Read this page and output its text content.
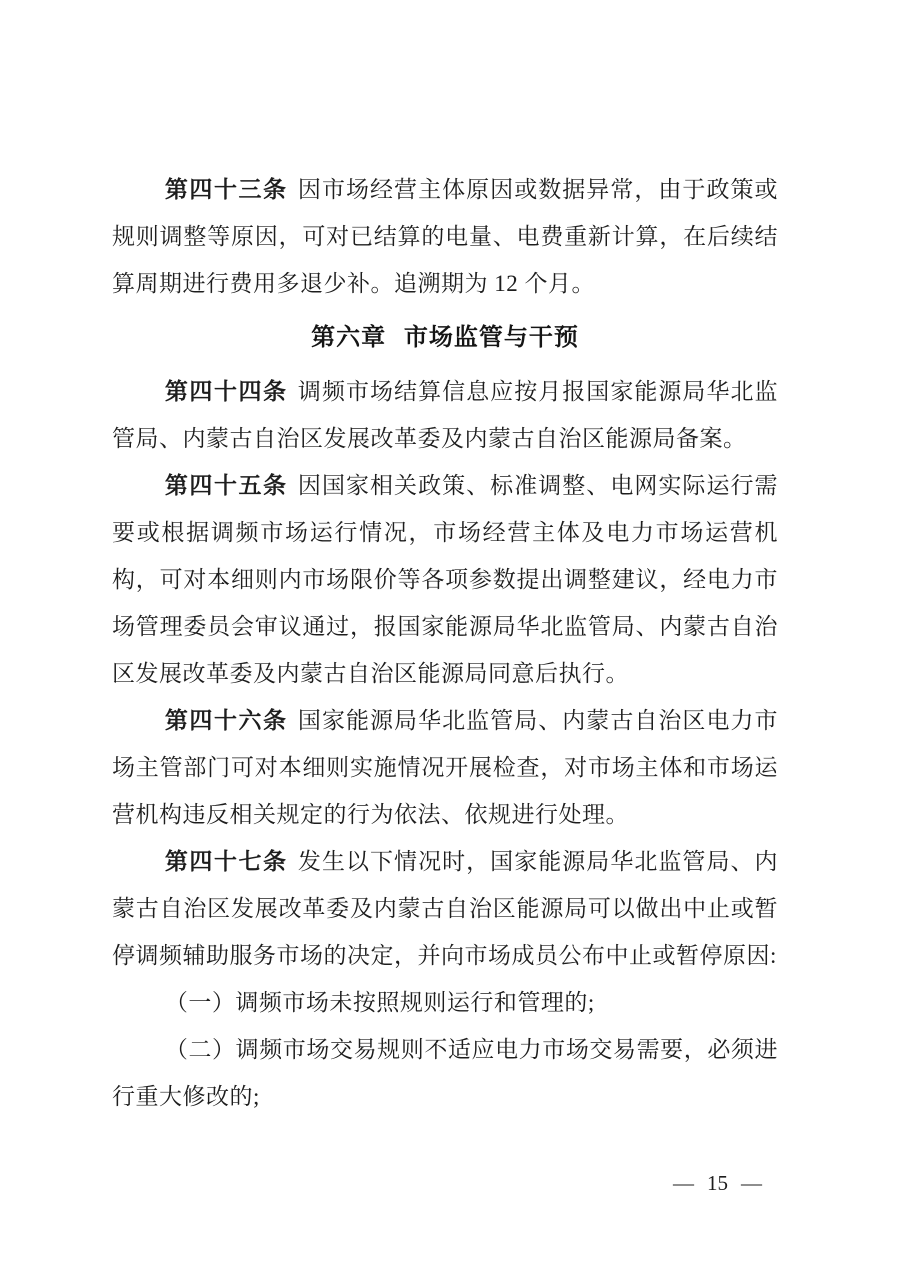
第四十三条 因市场经营主体原因或数据异常，由于政策或规则调整等原因，可对已结算的电量、电费重新计算，在后续结算周期进行费用多退少补。追溯期为 12 个月。

第六章 市场监管与干预

第四十四条 调频市场结算信息应按月报国家能源局华北监管局、内蒙古自治区发展改革委及内蒙古自治区能源局备案。

第四十五条 因国家相关政策、标准调整、电网实际运行需要或根据调频市场运行情况，市场经营主体及电力市场运营机构，可对本细则内市场限价等各项参数提出调整建议，经电力市场管理委员会审议通过，报国家能源局华北监管局、内蒙古自治区发展改革委及内蒙古自治区能源局同意后执行。

第四十六条 国家能源局华北监管局、内蒙古自治区电力市场主管部门可对本细则实施情况开展检查，对市场主体和市场运营机构违反相关规定的行为依法、依规进行处理。

第四十七条 发生以下情况时，国家能源局华北监管局、内蒙古自治区发展改革委及内蒙古自治区能源局可以做出中止或暂停调频辅助服务市场的决定，并向市场成员公布中止或暂停原因:

（一）调频市场未按照规则运行和管理的;

（二）调频市场交易规则不适应电力市场交易需要，必须进行重大修改的;

— 15 —
